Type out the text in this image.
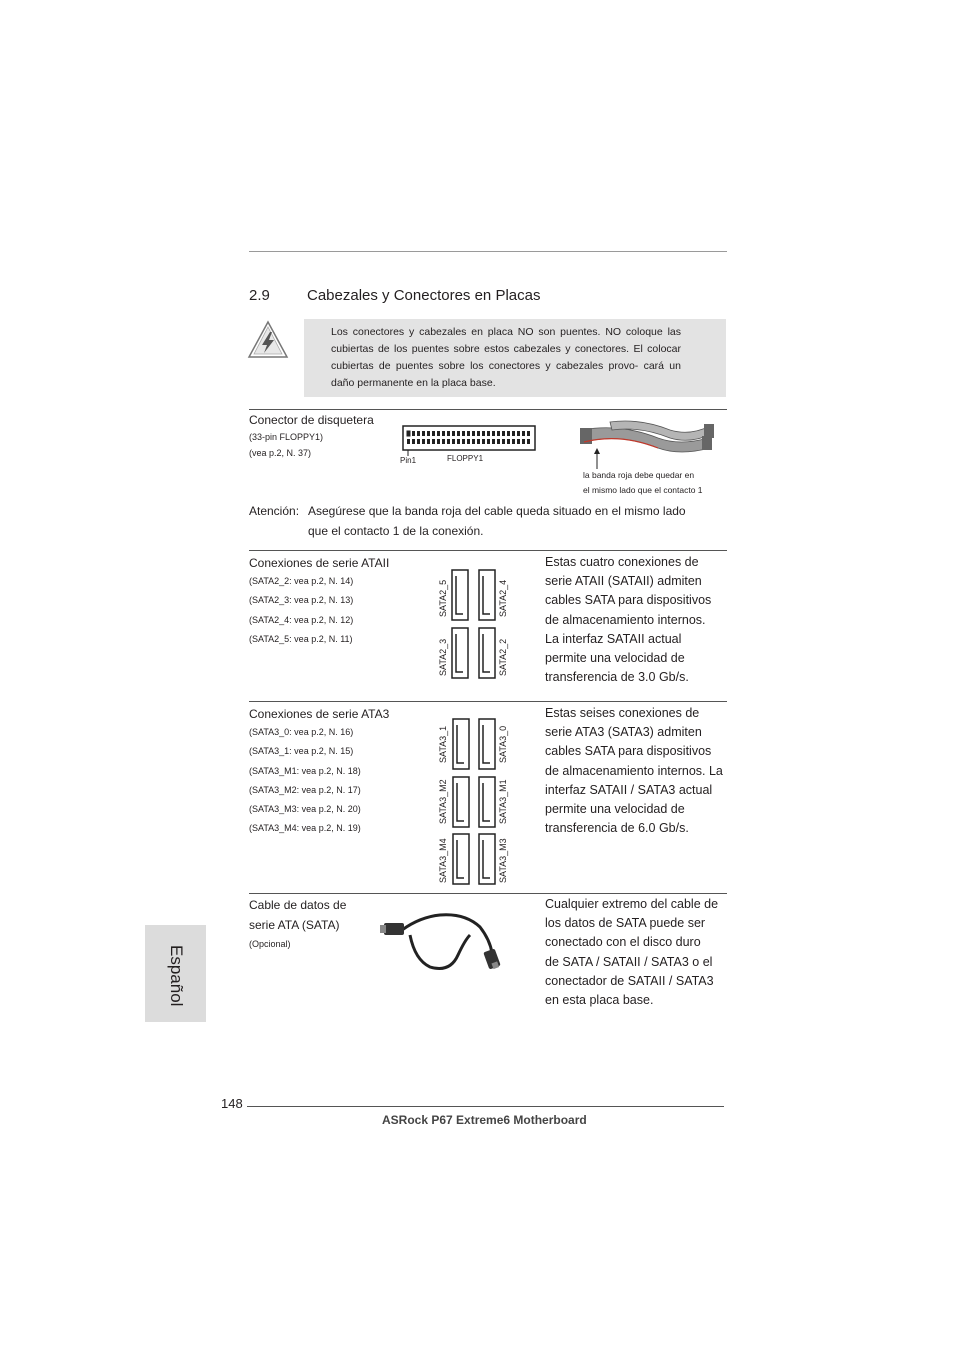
2.9 Cabezales y Conectores en Placas
Los conectores y cabezales en placa NO son puentes. NO coloque las cubiertas de los puentes sobre estos cabezales y conectores. El colocar cubiertas de puentes sobre los conectores y cabezales provo- cará un daño permanente en la placa base.
Conector de disquetera
(33-pin FLOPPY1)
(vea p.2, N. 37)
Pin1	FLOPPY1
la banda roja debe quedar en
el mismo lado que el contacto 1
Atención: Asegúrese que la banda roja del cable queda situado en el mismo lado
que el contacto 1 de la conexión.
Conexiones de serie ATAII
(SATA2_2: vea p.2, N. 14)
(SATA2_3: vea p.2, N. 13)
(SATA2_4: vea p.2, N. 12)
(SATA2_5: vea p.2, N. 11)
SATA2_5	SATA2_4
SATA2_3	SATA2_2
Estas cuatro conexiones de
serie ATAII (SATAII) admiten
cables SATA para dispositivos
de almacenamiento internos.
La interfaz SATAII actual
permite una velocidad de
transferencia de 3.0 Gb/s.
Conexiones de serie ATA3
(SATA3_0: vea p.2, N. 16)
(SATA3_1: vea p.2, N. 15)
(SATA3_M1: vea p.2, N. 18)
(SATA3_M2: vea p.2, N. 17)
(SATA3_M3: vea p.2, N. 20)
(SATA3_M4: vea p.2, N. 19)
SATA3_1	SATA3_0
SATA3_M2	SATA3_M1
SATA3_M4	SATA3_M3
Estas seises conexiones de
serie ATA3 (SATA3) admiten
cables SATA para dispositivos
de almacenamiento internos. La
interfaz SATAII / SATA3 actual
permite una velocidad de
transferencia de 6.0 Gb/s.
Cable de datos de
serie ATA (SATA)
(Opcional)
Cualquier extremo del cable de
los datos de SATA puede ser
conectado con el disco duro
de SATA / SATAII / SATA3 o el
conectador de SATAII / SATA3
en esta placa base.
Español
148
ASRock P67 Extreme6 Motherboard
